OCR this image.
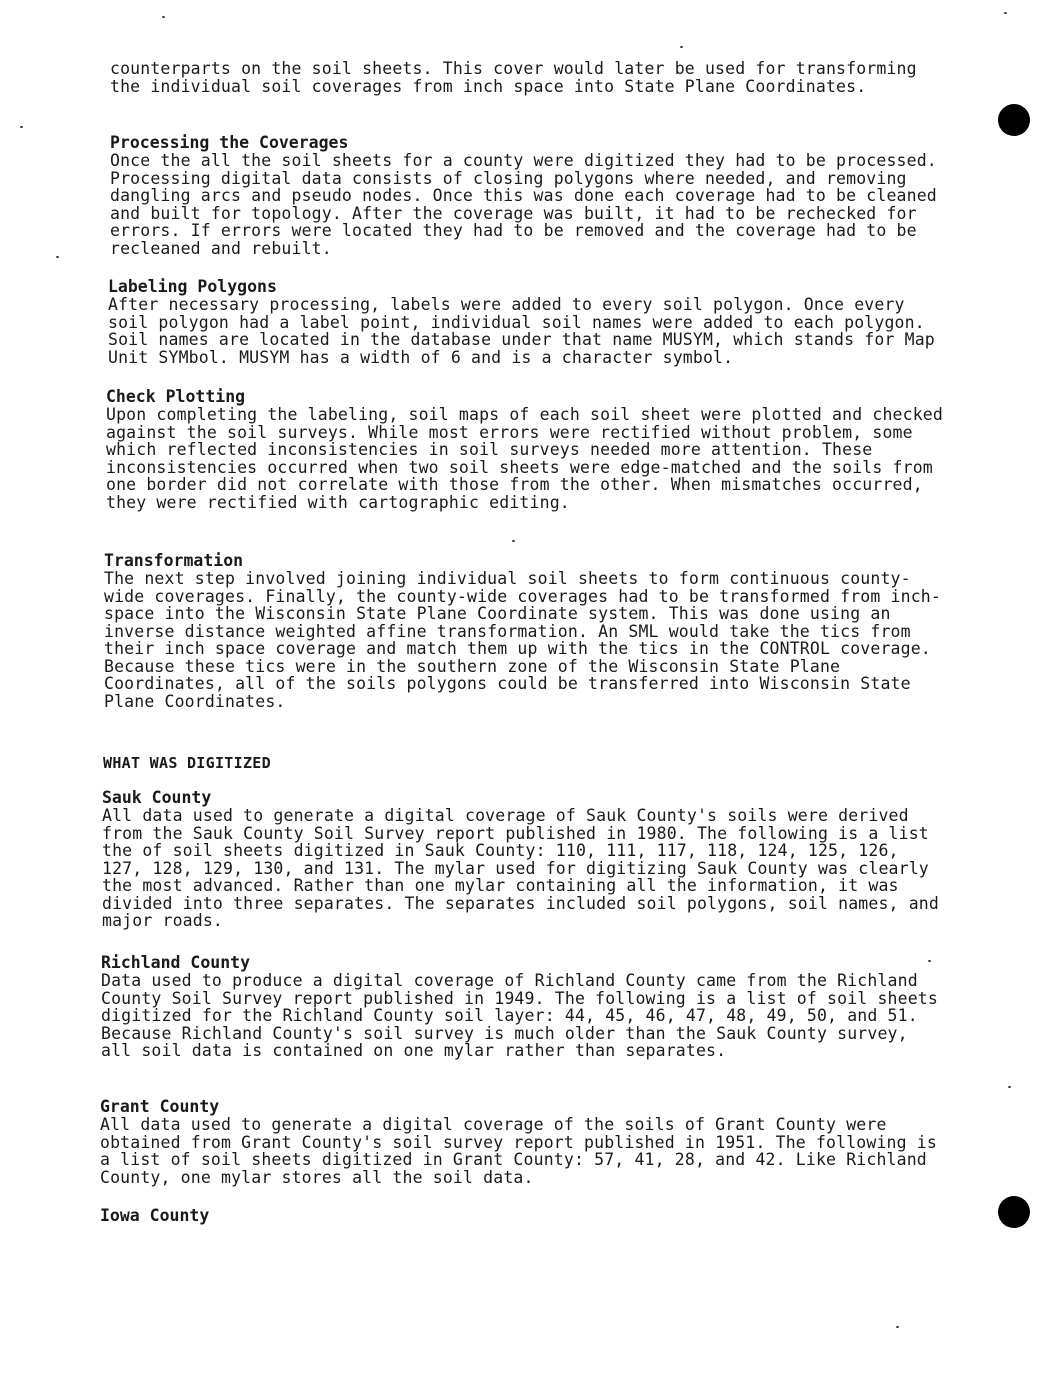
counterparts on the soil sheets. This cover would later be used for transforming the individual soil coverages from inch space into State Plane Coordinates.

Processing the Coverages

Once the all the soil sheets for a county were digitized they had to be processed. Processing digital data consists of closing polygons where needed, and removing dangling arcs and pseudo nodes. Once this was done each coverage had to be cleaned and built for topology. After the coverage was built, it had to be rechecked for errors. If errors were located they had to be removed and the coverage had to be recleaned and rebuilt.

Labeling Polygons

After necessary processing, labels were added to every soil polygon. Once every soil polygon had a label point, individual soil names were added to each polygon. Soil names are located in the database under that name MUSYM, which stands for Map Unit SYMbol. MUSYM has a width of 6 and is a character symbol.

Check Plotting

Upon completing the labeling, soil maps of each soil sheet were plotted and checked against the soil surveys. While most errors were rectified without problem, some which reflected inconsistencies in soil surveys needed more attention. These inconsistencies occurred when two soil sheets were edge-matched and the soils from one border did not correlate with those from the other. When mismatches occurred, they were rectified with cartographic editing.

Transformation

The next step involved joining individual soil sheets to form continuous county-wide coverages. Finally, the county-wide coverages had to be transformed from inch-space into the Wisconsin State Plane Coordinate system. This was done using an inverse distance weighted affine transformation. An SML would take the tics from their inch space coverage and match them up with the tics in the CONTROL coverage. Because these tics were in the southern zone of the Wisconsin State Plane Coordinates, all of the soils polygons could be transferred into Wisconsin State Plane Coordinates.

WHAT WAS DIGITIZED
Sauk County

All data used to generate a digital coverage of Sauk County's soils were derived from the Sauk County Soil Survey report published in 1980. The following is a list the of soil sheets digitized in Sauk County: 110, 111, 117, 118, 124, 125, 126, 127, 128, 129, 130, and 131. The mylar used for digitizing Sauk County was clearly the most advanced. Rather than one mylar containing all the information, it was divided into three separates. The separates included soil polygons, soil names, and major roads.

Richland County

Data used to produce a digital coverage of Richland County came from the Richland County Soil Survey report published in 1949. The following is a list of soil sheets digitized for the Richland County soil layer: 44, 45, 46, 47, 48, 49, 50, and 51. Because Richland County's soil survey is much older than the Sauk County survey, all soil data is contained on one mylar rather than separates.

Grant County

All data used to generate a digital coverage of the soils of Grant County were obtained from Grant County's soil survey report published in 1951. The following is a list of soil sheets digitized in Grant County: 57, 41, 28, and 42. Like Richland County, one mylar stores all the soil data.

Iowa County
